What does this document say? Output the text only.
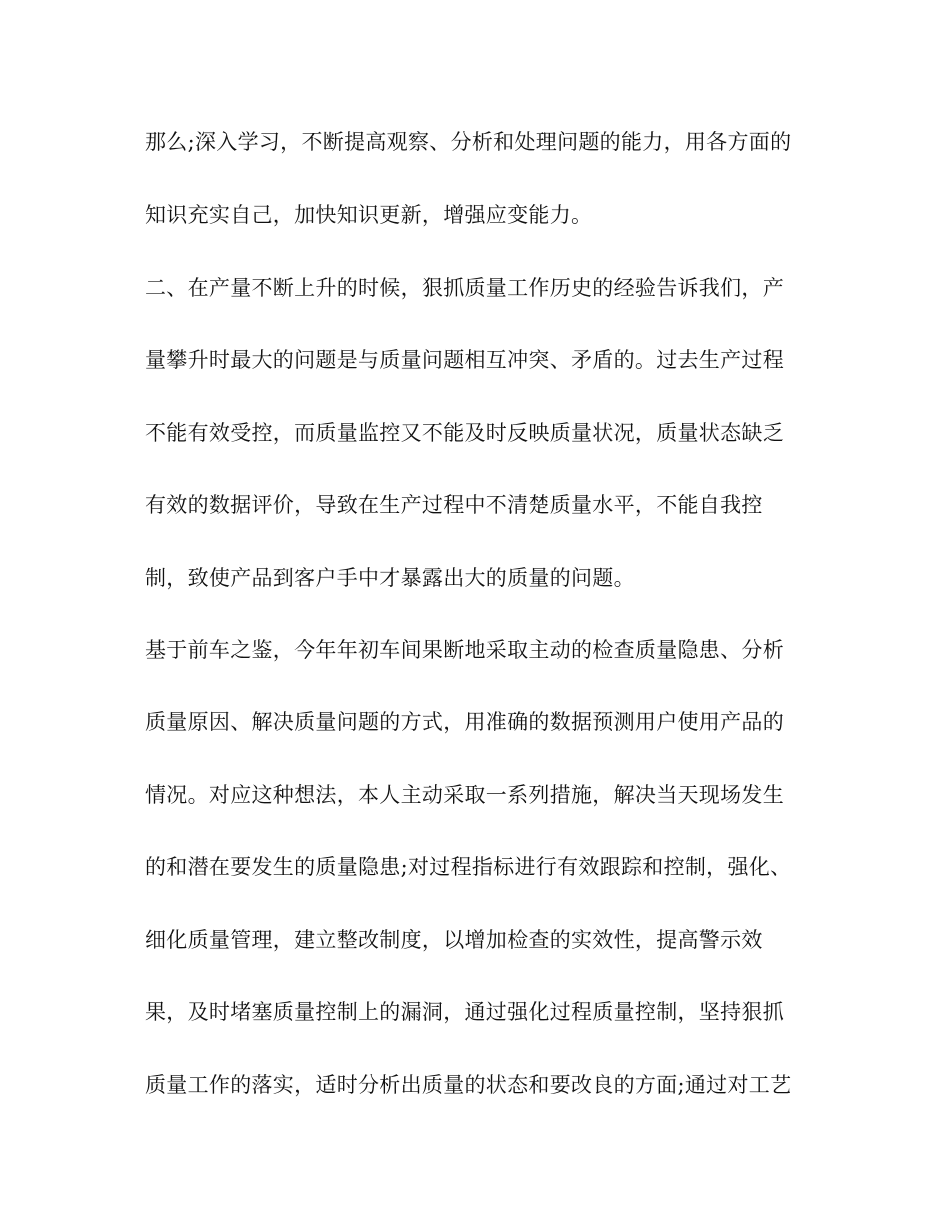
那么;深入学习，不断提高观察、分析和处理问题的能力，用各方面的

知识充实自己，加快知识更新，增强应变能力。

二、在产量不断上升的时候，狠抓质量工作历史的经验告诉我们，产

量攀升时最大的问题是与质量问题相互冲突、矛盾的。过去生产过程

不能有效受控，而质量监控又不能及时反映质量状况，质量状态缺乏

有效的数据评价，导致在生产过程中不清楚质量水平，不能自我控

制，致使产品到客户手中才暴露出大的质量的问题。

基于前车之鉴，今年年初车间果断地采取主动的检查质量隐患、分析

质量原因、解决质量问题的方式，用准确的数据预测用户使用产品的

情况。对应这种想法，本人主动采取一系列措施，解决当天现场发生

的和潜在要发生的质量隐患;对过程指标进行有效跟踪和控制，强化、

细化质量管理，建立整改制度，以增加检查的实效性，提高警示效

果，及时堵塞质量控制上的漏洞，通过强化过程质量控制，坚持狠抓

质量工作的落实，适时分析出质量的状态和要改良的方面;通过对工艺
